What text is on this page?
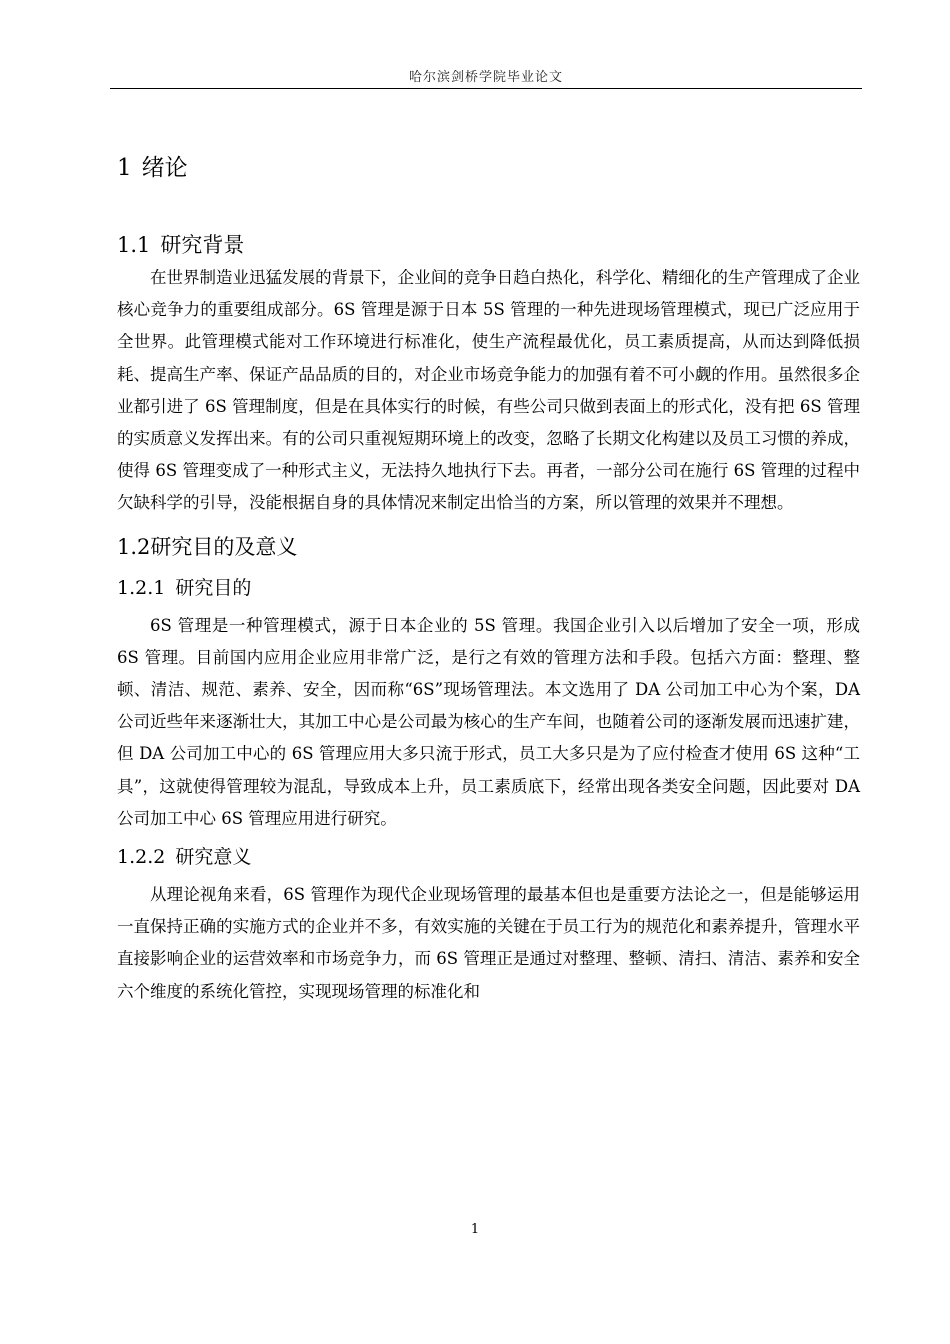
哈尔滨剑桥学院毕业论文
1 绪论
1.1 研究背景

在世界制造业迅猛发展的背景下，企业间的竞争日趋白热化，科学化、精细化的生产管理成了企业核心竞争力的重要组成部分。6S 管理是源于日本 5S 管理的一种先进现场管理模式，现已广泛应用于全世界。此管理模式能对工作环境进行标准化，使生产流程最优化，员工素质提高，从而达到降低损耗、提高生产率、保证产品品质的目的，对企业市场竞争能力的加强有着不可小觑的作用。虽然很多企业都引进了 6S 管理制度，但是在具体实行的时候，有些公司只做到表面上的形式化，没有把 6S 管理的实质意义发挥出来。有的公司只重视短期环境上的改变，忽略了长期文化构建以及员工习惯的养成，使得 6S 管理变成了一种形式主义，无法持久地执行下去。再者，一部分公司在施行 6S 管理的过程中欠缺科学的引导，没能根据自身的具体情况来制定出恰当的方案，所以管理的效果并不理想。

1.2研究目的及意义
1.2.1 研究目的

6S 管理是一种管理模式，源于日本企业的 5S 管理。我国企业引入以后增加了安全一项，形成 6S 管理。目前国内应用企业应用非常广泛，是行之有效的管理方法和手段。包括六方面：整理、整顿、清洁、规范、素养、安全，因而称“6S”现场管理法。本文选用了 DA 公司加工中心为个案，DA 公司近些年来逐渐壮大，其加工中心是公司最为核心的生产车间，也随着公司的逐渐发展而迅速扩建，但 DA 公司加工中心的 6S 管理应用大多只流于形式，员工大多只是为了应付检查才使用 6S 这种“工具”，这就使得管理较为混乱，导致成本上升，员工素质底下，经常出现各类安全问题，因此要对 DA 公司加工中心 6S 管理应用进行研究。

1.2.2 研究意义

从理论视角来看，6S 管理作为现代企业现场管理的最基本但也是重要方法论之一，但是能够运用一直保持正确的实施方式的企业并不多，有效实施的关键在于员工行为的规范化和素养提升，管理水平直接影响企业的运营效率和市场竞争力，而 6S 管理正是通过对整理、整顿、清扫、清洁、素养和安全六个维度的系统化管控，实现现场管理的标准化和

1
